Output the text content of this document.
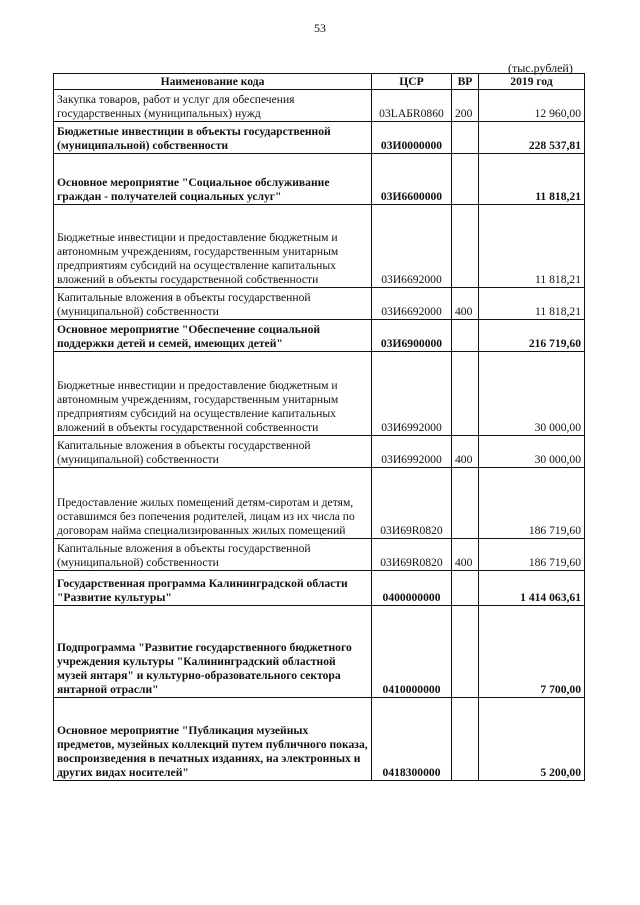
53
(тыс.рублей)
Наименование кода	ЦСР	ВР	2019 год
Закупка товаров, работ и услуг для обеспечения государственных (муниципальных) нужд	03LАБR0860	200	12 960,00
Бюджетные инвестиции в объекты государственной (муниципальной) собственности	03И0000000		228 537,81
Основное мероприятие "Социальное обслуживание граждан - получателей социальных услуг"	03И6600000		11 818,21
Бюджетные инвестиции и предоставление бюджетным и автономным учреждениям, государственным унитарным предприятиям субсидий на осуществление капитальных вложений в объекты государственной собственности	03И6692000		11 818,21
Капитальные вложения в объекты государственной (муниципальной) собственности	03И6692000	400	11 818,21
Основное мероприятие "Обеспечение социальной поддержки детей и семей, имеющих детей"	03И6900000		216 719,60
Бюджетные инвестиции и предоставление бюджетным и автономным учреждениям, государственным унитарным предприятиям субсидий на осуществление капитальных вложений в объекты государственной собственности	03И6992000		30 000,00
Капитальные вложения в объекты государственной (муниципальной) собственности	03И6992000	400	30 000,00
Предоставление жилых помещений детям-сиротам и детям, оставшимся без попечения родителей, лицам из их числа по договорам найма специализированных жилых помещений	03И69R0820		186 719,60
Капитальные вложения в объекты государственной (муниципальной) собственности	03И69R0820	400	186 719,60
Государственная программа Калининградской области "Развитие культуры"	0400000000		1 414 063,61
Подпрограмма "Развитие государственного бюджетного учреждения культуры "Калининградский областной музей янтаря" и культурно-образовательного сектора янтарной отрасли"	0410000000		7 700,00
Основное мероприятие "Публикация музейных предметов, музейных коллекций путем публичного показа, воспроизведения в печатных изданиях, на электронных и других видах носителей"	0418300000		5 200,00
